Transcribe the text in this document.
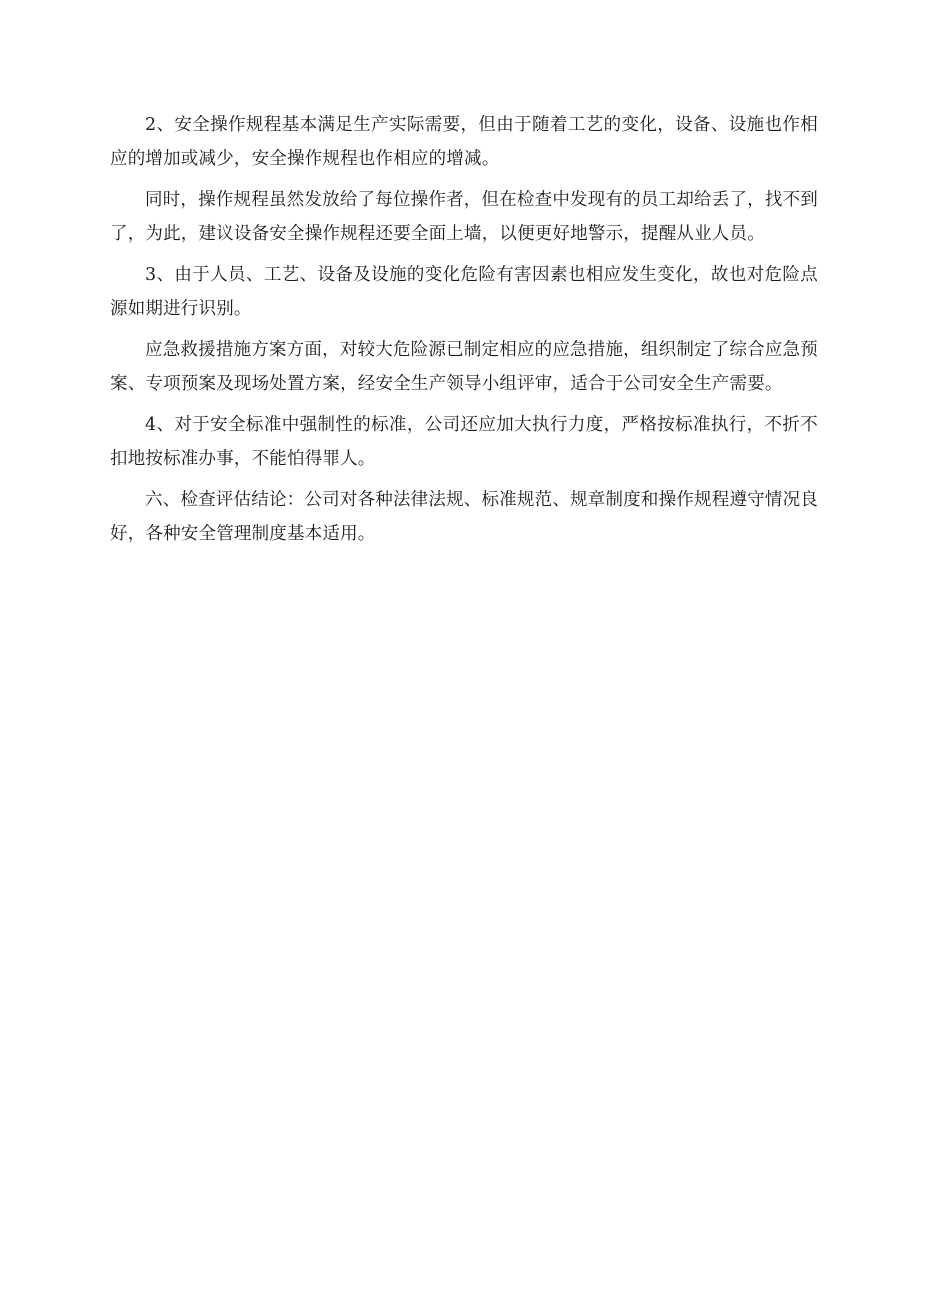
2、安全操作规程基本满足生产实际需要，但由于随着工艺的变化，设备、设施也作相应的增加或减少，安全操作规程也作相应的增减。

同时，操作规程虽然发放给了每位操作者，但在检查中发现有的员工却给丢了，找不到了，为此，建议设备安全操作规程还要全面上墙，以便更好地警示，提醒从业人员。

3、由于人员、工艺、设备及设施的变化危险有害因素也相应发生变化，故也对危险点源如期进行识别。

应急救援措施方案方面，对较大危险源已制定相应的应急措施，组织制定了综合应急预案、专项预案及现场处置方案，经安全生产领导小组评审，适合于公司安全生产需要。

4、对于安全标准中强制性的标准，公司还应加大执行力度，严格按标准执行，不折不扣地按标准办事，不能怕得罪人。

六、检查评估结论：公司对各种法律法规、标准规范、规章制度和操作规程遵守情况良好，各种安全管理制度基本适用。
